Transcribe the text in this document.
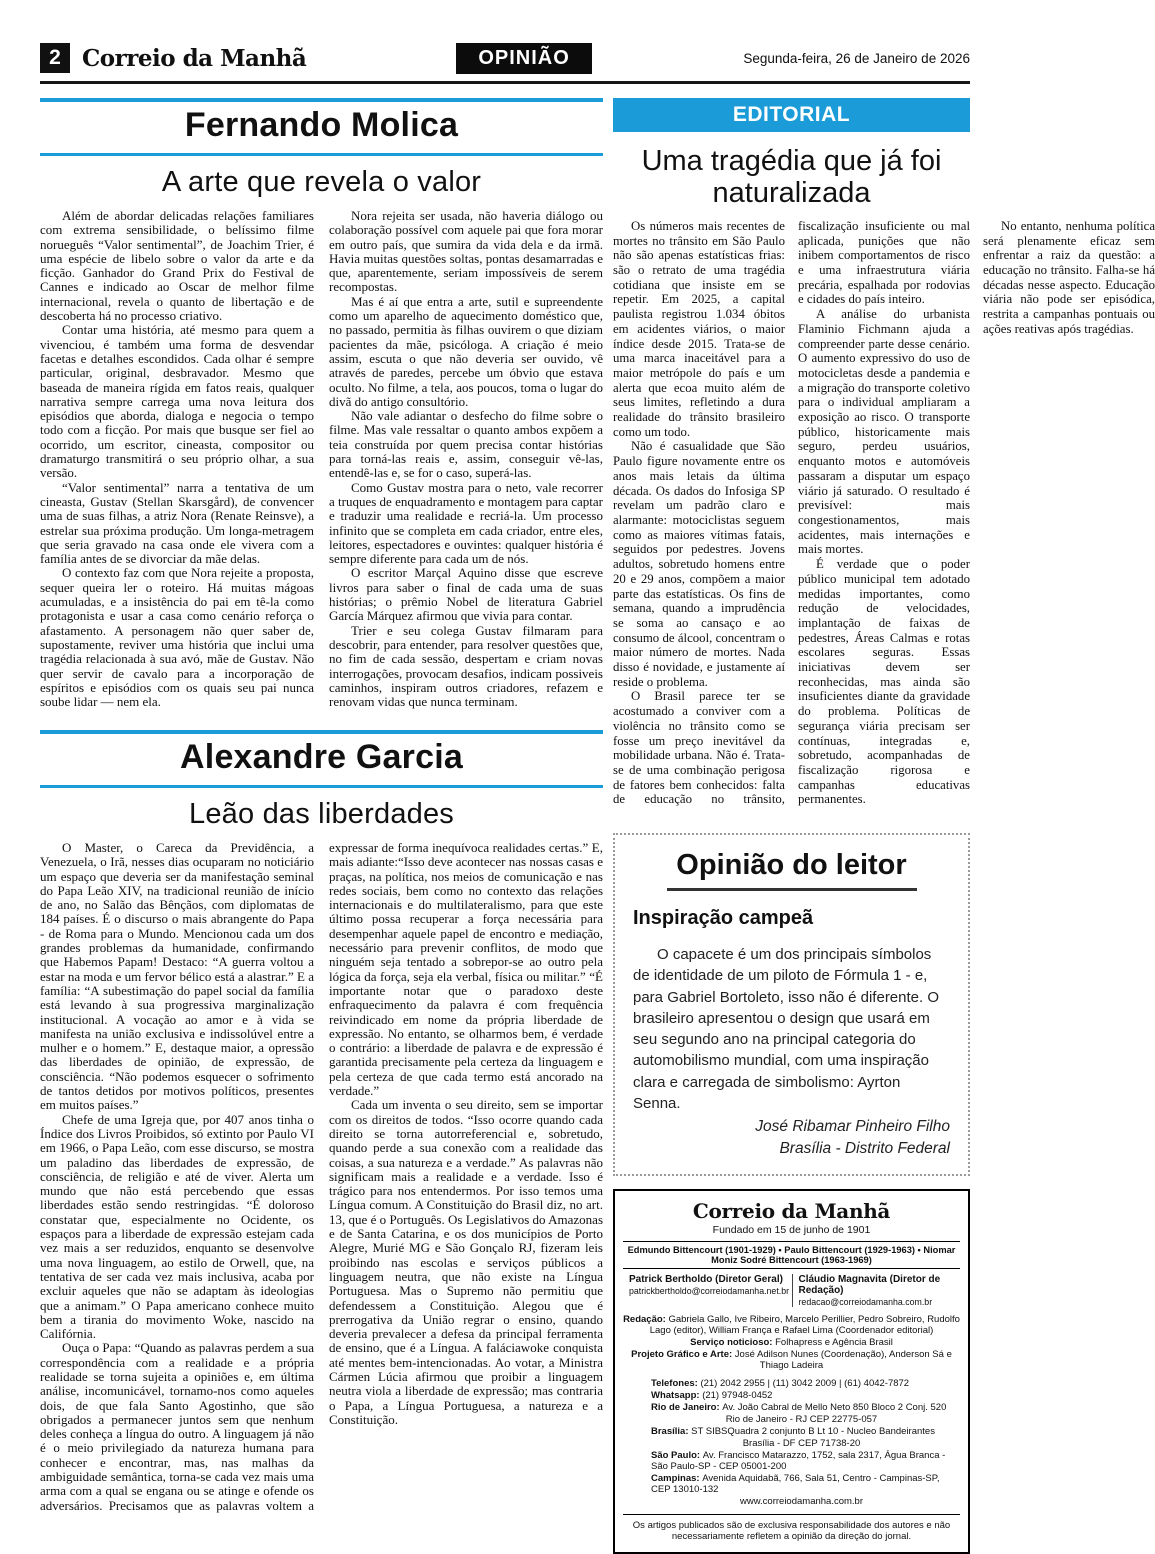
2 Correio da Manhã	OPINIÃO	Segunda-feira, 26 de Janeiro de 2026
Fernando Molica
A arte que revela o valor

Além de abordar delicadas relações familiares com extrema sensibilidade, o belíssimo filme norueguês “Valor sentimental”, de Joachim Trier, é uma espécie de libelo sobre o valor da arte e da ficção. Ganhador do Grand Prix do Festival de Cannes e indicado ao Oscar de melhor filme internacional, revela o quanto de libertação e de descoberta há no processo criativo.

Contar uma história, até mesmo para quem a vivenciou, é também uma forma de desvendar facetas e detalhes escondidos. Cada olhar é sempre particular, original, desbravador. Mesmo que baseada de maneira rígida em fatos reais, qualquer narrativa sempre carrega uma nova leitura dos episódios que aborda, dialoga e negocia o tempo todo com a ficção. Por mais que busque ser fiel ao ocorrido, um escritor, cineasta, compositor ou dramaturgo transmitirá o seu próprio olhar, a sua versão.

“Valor sentimental” narra a tentativa de um cineasta, Gustav (Stellan Skarsgård), de convencer uma de suas filhas, a atriz Nora (Renate Reinsve), a estrelar sua próxima produção. Um longa-metragem que seria gravado na casa onde ele vivera com a família antes de se divorciar da mãe delas.

O contexto faz com que Nora rejeite a proposta, sequer queira ler o roteiro. Há muitas mágoas acumuladas, e a insistência do pai em tê-la como protagonista e usar a casa como cenário reforça o afastamento. A personagem não quer saber de, supostamente, reviver uma história que inclui uma tragédia relacionada à sua avó, mãe de Gustav. Não quer servir de cavalo para a incorporação de espíritos e episódios com os quais seu pai nunca soube lidar — nem ela.

Nora rejeita ser usada, não haveria diálogo ou colaboração possível com aquele pai que fora morar em outro país, que sumira da vida dela e da irmã. Havia muitas questões soltas, pontas desamarradas e que, aparentemente, seriam impossíveis de serem recompostas.

Mas é aí que entra a arte, sutil e supreendente como um aparelho de aquecimento doméstico que, no passado, permitia às filhas ouvirem o que diziam pacientes da mãe, psicóloga. A criação é meio assim, escuta o que não deveria ser ouvido, vê através de paredes, percebe um óbvio que estava oculto. No filme, a tela, aos poucos, toma o lugar do divã do antigo consultório.

Não vale adiantar o desfecho do filme sobre o filme. Mas vale ressaltar o quanto ambos expõem a teia construída por quem precisa contar histórias para torná-las reais e, assim, conseguir vê-las, entendê-las e, se for o caso, superá-las.

Como Gustav mostra para o neto, vale recorrer a truques de enquadramento e montagem para captar e traduzir uma realidade e recriá-la. Um processo infinito que se completa em cada criador, entre eles, leitores, espectadores e ouvintes: qualquer história é sempre diferente para cada um de nós.

O escritor Marçal Aquino disse que escreve livros para saber o final de cada uma de suas histórias; o prêmio Nobel de literatura Gabriel García Márquez afirmou que vivia para contar.

Trier e seu colega Gustav filmaram para descobrir, para entender, para resolver questões que, no fim de cada sessão, despertam e criam novas interrogações, provocam desafios, indicam possiveis caminhos, inspiram outros criadores, refazem e renovam vidas que nunca terminam.

Alexandre Garcia
Leão das liberdades

O Master, o Careca da Previdência, a Venezuela, o Irã, nesses dias ocuparam no noticiário um espaço que deveria ser da manifestação seminal do Papa Leão XIV, na tradicional reunião de início de ano, no Salão das Bênçãos, com diplomatas de 184 países. É o discurso o mais abrangente do Papa - de Roma para o Mundo. Mencionou cada um dos grandes problemas da humanidade, confirmando que Habemos Papam! Destaco: “A guerra voltou a estar na moda e um fervor bélico está a alastrar.” E a família: “A subestimação do papel social da família está levando à sua progressiva marginalização institucional. A vocação ao amor e à vida se manifesta na união exclusiva e indissolúvel entre a mulher e o homem.” E, destaque maior, a opressão das liberdades de opinião, de expressão, de consciência. “Não podemos esquecer o sofrimento de tantos detidos por motivos políticos, presentes em muitos países.”

Chefe de uma Igreja que, por 407 anos tinha o Índice dos Livros Proibidos, só extinto por Paulo VI em 1966, o Papa Leão, com esse discurso, se mostra um paladino das liberdades de expressão, de consciência, de religião e até de viver. Alerta um mundo que não está percebendo que essas liberdades estão sendo restringidas. “É doloroso constatar que, especialmente no Ocidente, os espaços para a liberdade de expressão estejam cada vez mais a ser reduzidos, enquanto se desenvolve uma nova linguagem, ao estilo de Orwell, que, na tentativa de ser cada vez mais inclusiva, acaba por excluir aqueles que não se adaptam às ideologias que a animam.” O Papa americano conhece muito bem a tirania do movimento Woke, nascido na Califórnia.

Ouça o Papa: “Quando as palavras perdem a sua correspondência com a realidade e a própria realidade se torna sujeita a opiniões e, em última análise, incomunicável, tornamo-nos como aqueles dois, de que fala Santo Agostinho, que são obrigados a permanecer juntos sem que nenhum deles conheça a língua do outro. A linguagem já não é o meio privilegiado da natureza humana para conhecer e encontrar, mas, nas malhas da ambiguidade semântica, torna-se cada vez mais uma arma com a qual se engana ou se atinge e ofende os adversários. Precisamos que as palavras voltem a expressar de forma inequívoca realidades certas.” E, mais adiante:“Isso deve acontecer nas nossas casas e praças, na política, nos meios de comunicação e nas redes sociais, bem como no contexto das relações internacionais e do multilateralismo, para que este último possa recuperar a força necessária para desempenhar aquele papel de encontro e mediação, necessário para prevenir conflitos, de modo que ninguém seja tentado a sobrepor-se ao outro pela lógica da força, seja ela verbal, física ou militar.” “É importante notar que o paradoxo deste enfraquecimento da palavra é com frequência reivindicado em nome da própria liberdade de expressão. No entanto, se olharmos bem, é verdade o contrário: a liberdade de palavra e de expressão é garantida precisamente pela certeza da linguagem e pela certeza de que cada termo está ancorado na verdade.”

Cada um inventa o seu direito, sem se importar com os direitos de todos. “Isso ocorre quando cada direito se torna autorreferencial e, sobretudo, quando perde a sua conexão com a realidade das coisas, a sua natureza e a verdade.” As palavras não significam mais a realidade e a verdade. Isso é trágico para nos entendermos. Por isso temos uma Língua comum. A Constituição do Brasil diz, no art. 13, que é o Português. Os Legislativos do Amazonas e de Santa Catarina, e os dos municípios de Porto Alegre, Murié MG e São Gonçalo RJ, fizeram leis proibindo nas escolas e serviços públicos a linguagem neutra, que não existe na Língua Portuguesa. Mas o Supremo não permitiu que defendessem a Constituição. Alegou que é prerrogativa da União regrar o ensino, quando deveria prevalecer a defesa da principal ferramenta de ensino, que é a Língua. A faláciawoke conquista até mentes bem-intencionadas. Ao votar, a Ministra Cármen Lúcia afirmou que proibir a linguagem neutra viola a liberdade de expressão; mas contraria o Papa, a Língua Portuguesa, a natureza e a Constituição.

EDITORIAL
Uma tragédia que já foi naturalizada

Os números mais recentes de mortes no trânsito em São Paulo não são apenas estatísticas frias: são o retrato de uma tragédia cotidiana que insiste em se repetir. Em 2025, a capital paulista registrou 1.034 óbitos em acidentes viários, o maior índice desde 2015. Trata-se de uma marca inaceitável para a maior metrópole do país e um alerta que ecoa muito além de seus limites, refletindo a dura realidade do trânsito brasileiro como um todo.

Não é casualidade que São Paulo figure novamente entre os anos mais letais da última década. Os dados do Infosiga SP revelam um padrão claro e alarmante: motociclistas seguem como as maiores vítimas fatais, seguidos por pedestres. Jovens adultos, sobretudo homens entre 20 e 29 anos, compõem a maior parte das estatísticas. Os fins de semana, quando a imprudência se soma ao cansaço e ao consumo de álcool, concentram o maior número de mortes. Nada disso é novidade, e justamente aí reside o problema.

O Brasil parece ter se acostumado a conviver com a violência no trânsito como se fosse um preço inevitável da mobilidade urbana. Não é. Trata-se de uma combinação perigosa de fatores bem conhecidos: falta de educação no trânsito, fiscalização insuficiente ou mal aplicada, punições que não inibem comportamentos de risco e uma infraestrutura viária precária, espalhada por rodovias e cidades do país inteiro.

A análise do urbanista Flaminio Fichmann ajuda a compreender parte desse cenário. O aumento expressivo do uso de motocicletas desde a pandemia e a migração do transporte coletivo para o individual ampliaram a exposição ao risco. O transporte público, historicamente mais seguro, perdeu usuários, enquanto motos e automóveis passaram a disputar um espaço viário já saturado. O resultado é previsível: mais congestionamentos, mais acidentes, mais internações e mais mortes.

É verdade que o poder público municipal tem adotado medidas importantes, como redução de velocidades, implantação de faixas de pedestres, Áreas Calmas e rotas escolares seguras. Essas iniciativas devem ser reconhecidas, mas ainda são insuficientes diante da gravidade do problema. Políticas de segurança viária precisam ser contínuas, integradas e, sobretudo, acompanhadas de fiscalização rigorosa e campanhas educativas permanentes.

No entanto, nenhuma política será plenamente eficaz sem enfrentar a raiz da questão: a educação no trânsito. Falha-se há décadas nesse aspecto. Educação viária não pode ser episódica, restrita a campanhas pontuais ou ações reativas após tragédias.

Opinião do leitor
Inspiração campeã

O capacete é um dos principais símbolos de identidade de um piloto de Fórmula 1 - e, para Gabriel Bortoleto, isso não é diferente. O brasileiro apresentou o design que usará em seu segundo ano na principal categoria do automobilismo mundial, com uma inspiração clara e carregada de simbolismo: Ayrton Senna.

José Ribamar Pinheiro Filho
Brasília - Distrito Federal
Correio da Manhã
Fundado em 15 de junho de 1901
Edmundo Bittencourt (1901-1929) • Paulo Bittencourt (1929-1963) • Niomar Moniz Sodré Bittencourt (1963-1969)
Patrick Bertholdo (Diretor Geral)
patrickbertholdo@correiodamanha.net.br
Cláudio Magnavita (Diretor de Redação)
redacao@correiodamanha.com.br

Redação: Gabriela Gallo, Ive Ribeiro, Marcelo Perillier, Pedro Sobreiro, Rudolfo Lago (editor), William França e Rafael Lima (Coordenador editorial)

Serviço noticioso: Folhapress e Agência Brasil

Projeto Gráfico e Arte: José Adilson Nunes (Coordenação), Anderson Sá e Thiago Ladeira

Telefones: (21) 2042 2955 | (11) 3042 2009 | (61) 4042-7872

Whatsapp: (21) 97948-0452

Rio de Janeiro: Av. João Cabral de Mello Neto 850 Bloco 2 Conj. 520

Rio de Janeiro - RJ CEP 22775-057

Brasília: ST SIBSQuadra 2 conjunto B Lt 10 - Nucleo Bandeirantes

Brasília - DF CEP 71738-20

São Paulo: Av. Francisco Matarazzo, 1752, sala 2317, Água Branca - São Paulo-SP - CEP 05001-200

Campinas: Avenida Aquidabã, 766, Sala 51, Centro - Campinas-SP, CEP 13010-132

www.correiodamanha.com.br

Os artigos publicados são de exclusiva responsabilidade dos autores e não necessariamente refletem a opinião da direção do jornal.
